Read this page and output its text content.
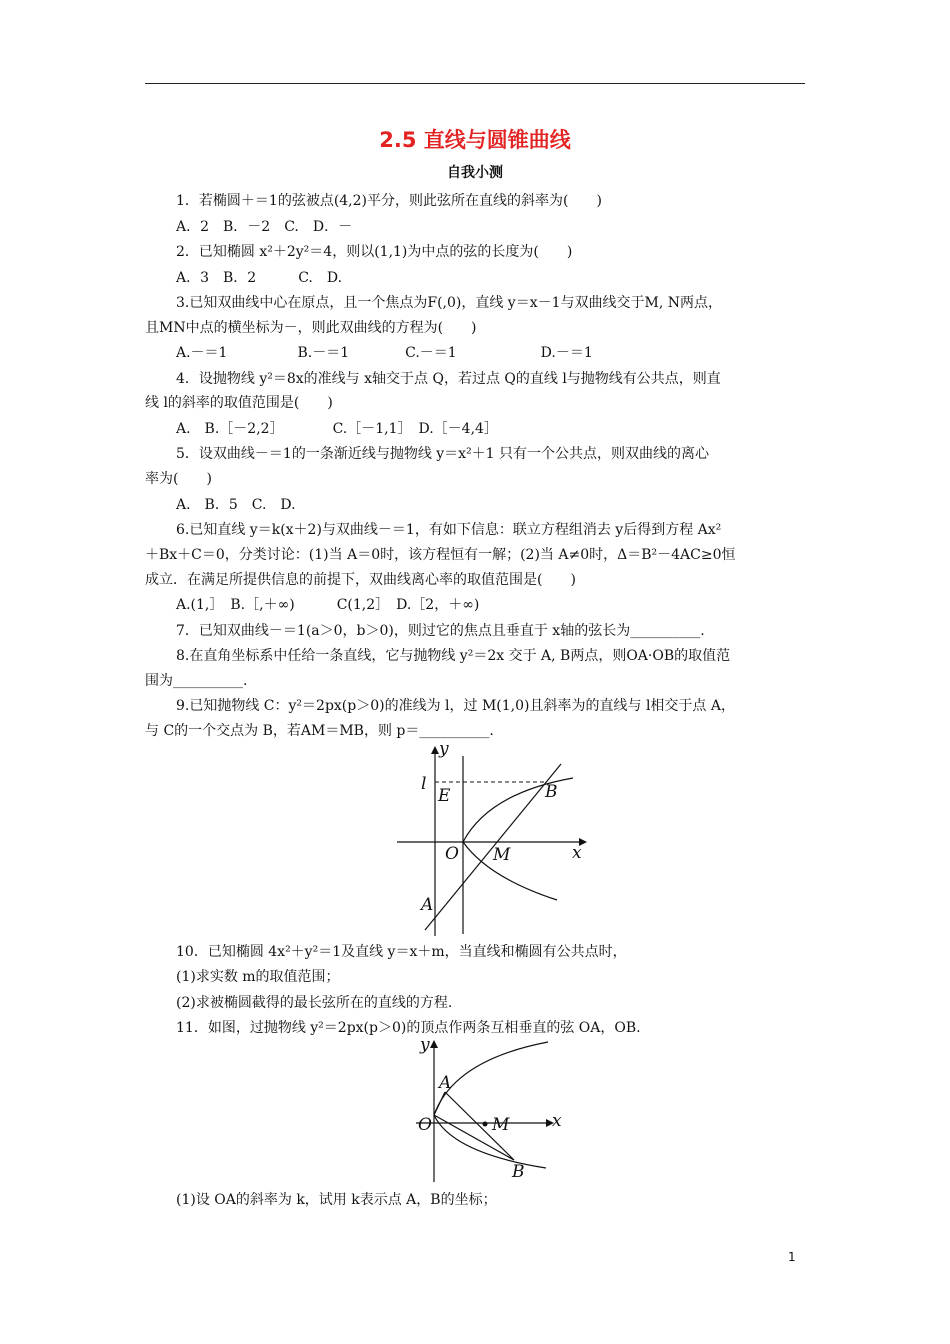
2.5 直线与圆锥曲线
自我小测
1．若椭圆＋＝1的弦被点(4,2)平分，则此弦所在直线的斜率为(　　)
A．2　B．－2　C.　D．－
2．已知椭圆 x²＋2y²＝4，则以(1,1)为中点的弦的长度为(　　)
A．3　B．2　　　C.　D.
3.已知双曲线中心在原点，且一个焦点为F(,0)，直线 y＝x－1与双曲线交于M, N两点，
且MN中点的横坐标为－，则此双曲线的方程为(　　)
A.－＝1　　　　　B.－＝1　　　　C.－＝1　　　　　　D.－＝1
4．设抛物线 y²＝8x的准线与 x轴交于点 Q，若过点 Q的直线 l与抛物线有公共点，则直
线 l的斜率的取值范围是(　　)
A.　B.［－2,2］　　　　C.［－1,1］　D.［－4,4］
5．设双曲线－＝1的一条渐近线与抛物线 y＝x²＋1 只有一个公共点，则双曲线的离心
率为(　　)
A.　B．5　C.　D.
6.已知直线 y＝k(x＋2)与双曲线－＝1，有如下信息：联立方程组消去 y后得到方程 Ax²
＋Bx＋C＝0，分类讨论：(1)当 A＝0时，该方程恒有一解；(2)当 A≠0时，Δ＝B²－4AC≥0恒
成立．在满足所提供信息的前提下，双曲线离心率的取值范围是(　　)
A.(1,］　B.［,＋∞)　　　C(1,2］　D.［2，＋∞)
7．已知双曲线－＝1(a＞0，b＞0)，则过它的焦点且垂直于 x轴的弦长为__________.
8.在直角坐标系中任给一条直线，它与抛物线 y²＝2x 交于 A, B两点，则OA·OB的取值范
围为__________.
9.已知抛物线 C：y²＝2px(p＞0)的准线为 l，过 M(1,0)且斜率为的直线与 l相交于点 A，
与 C的一个交点为 B，若AM＝MB，则 p＝__________.
y
l
E	B
O M	x
A
10．已知椭圆 4x²＋y²＝1及直线 y＝x＋m，当直线和椭圆有公共点时，
(1)求实数 m的取值范围；
(2)求被椭圆截得的最长弦所在的直线的方程.
11．如图，过抛物线 y²＝2px(p＞0)的顶点作两条互相垂直的弦 OA，OB.
y
A
O	M	x
B
(1)设 OA的斜率为 k，试用 k表示点 A，B的坐标；
1
